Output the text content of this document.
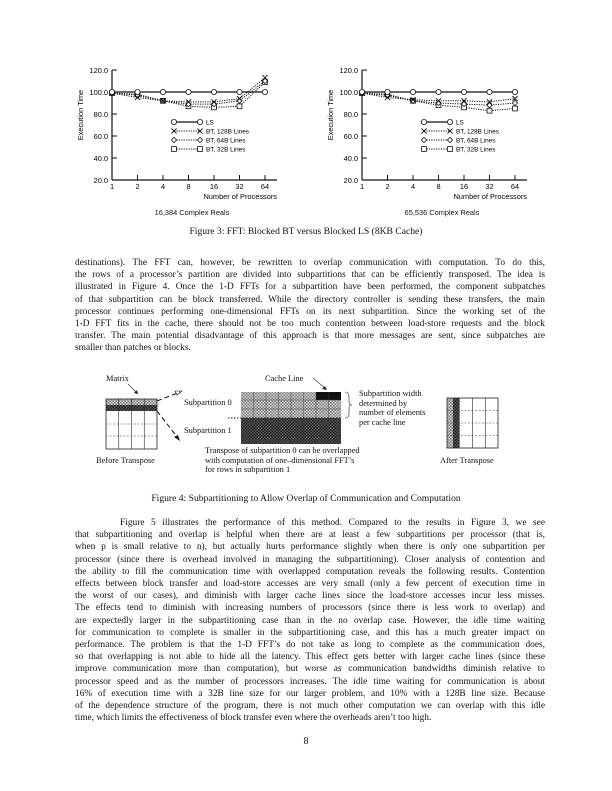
120.0
100.0
80.0
60.0
40.0
20.0
1	2	4	8	16 32 64
Number of Processors
Execution Time	LS
BT, 128B Lines
BT, 64B Lines
BT, 32B Lines
16,384 Complex Reals
120.0
100.0
80.0
60.0
40.0
20.0
1	2	4	8	16 32 64
Number of Processors
Execution Time	LS
BT, 128B Lines
BT, 64B Lines
BT, 32B Lines
65,536 Complex Reals
Figure 3: FFT: Blocked BT versus Blocked LS (8KB Cache)
destinations). The FFT can, however, be rewritten to overlap communication with computation. To do this,
the rows of a processor’s partition are divided into subpartitions that can be efficiently transposed. The idea is
illustrated in Figure 4. Once the 1-D FFTs for a subpartition have been performed, the component subpatches
of that subpartition can be block transferred. While the directory controller is sending these transfers, the main
processor continues performing one-dimensional FFTs on its next subpartition. Since the working set of the
1-D FFT fits in the cache, there should not be too much contention between load-store requests and the block
transfer. The main potential disadvantage of this approach is that more messages are sent, since subpatches are
smaller than patches or blocks.
Matrix	Cache Line
Subpartition 0
Subpartition 1
Subpartition width
determined by
number of elements
per cache line
Transpose of subpartition 0 can be overlapped
with computation of one–dimensional FFT’s
for rows in subpartition 1
Before Transpose	After Transpose
Figure 4: Subpartitioning to Allow Overlap of Communication and Computation
Figure 5 illustrates the performance of this method. Compared to the results in Figure 3, we see
that subpartitioning and overlap is helpful when there are at least a few subpartitions per processor (that is,
when p is small relative to n), but actually hurts performance slightly when there is only one subpartition per
processor (since there is overhead involved in managing the subpartitioning). Closer analysis of contention and
the ability to fill the communication time with overlapped computation reveals the following results. Contention
effects between block transfer and load-store accesses are very small (only a few percent of execution time in
the worst of our cases), and diminish with larger cache lines since the load-store accesses incur less misses.
The effects tend to diminish with increasing numbers of processors (since there is less work to overlap) and
are expectedly larger in the subpartitioning case than in the no overlap case. However, the idle time waiting
for communication to complete is smaller in the subpartitioning case, and this has a much greater impact on
performance. The problem is that the 1-D FFT’s do not take as long to complete as the communication does,
so that overlapping is not able to hide all the latency. This effect gets better with larger cache lines (since these
improve communication more than computation), but worse as communication bandwidths diminish relative to
processor speed and as the number of processors increases. The idle time waiting for communication is about
16% of execution time with a 32B line size for our larger problem, and 10% with a 128B line size. Because
of the dependence structure of the program, there is not much other computation we can overlap with this idle
time, which limits the effectiveness of block transfer even where the overheads aren’t too high.
8
